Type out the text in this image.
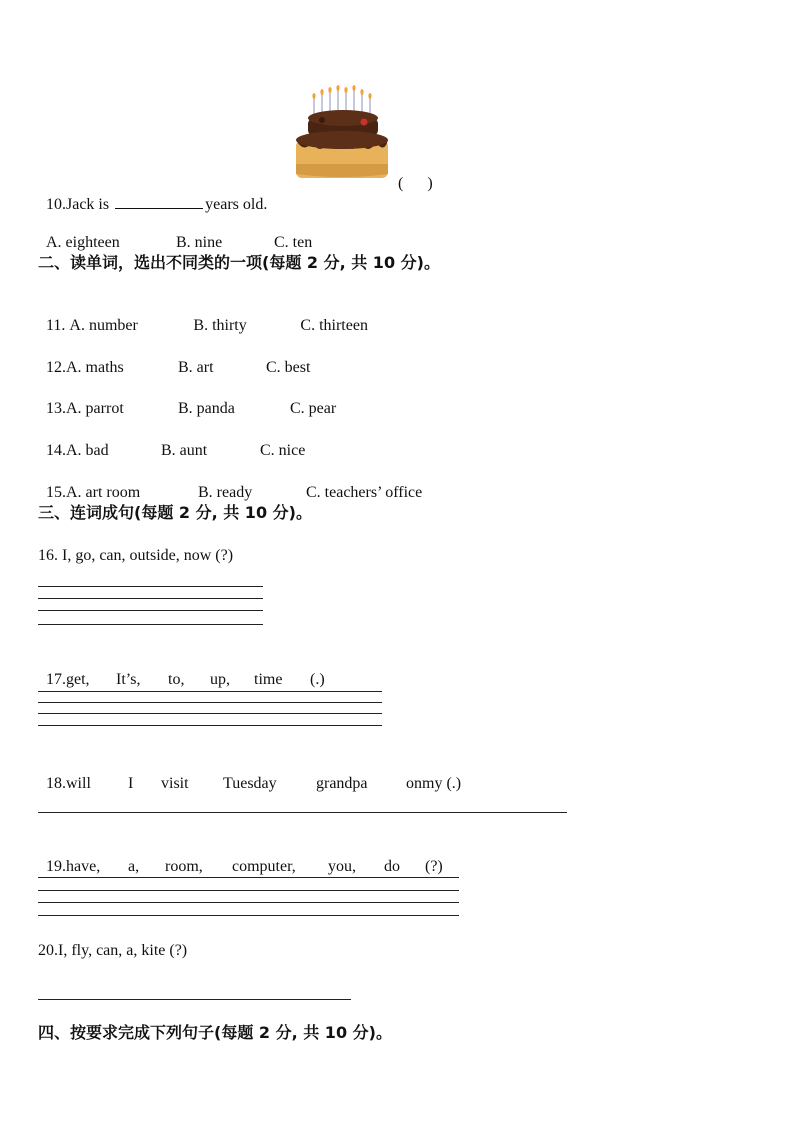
10.Jack is	years old.

(      )

A. eighteen	B. nine	C. ten

二、读单词，选出不同类的一项(每题 2 分, 共 10 分)。

11. A. number	B. thirty	C. thirteen

12.A. maths	B. art	C. best

13.A. parrot	B. panda	C. pear

14.A. bad	B. aunt	C. nice

15.A. art room	B. ready	C. teachers’ office

三、连词成句(每题 2 分, 共 10 分)。
16. I, go, can, outside, now (?)

17.get, It’s, to, up, time (.)

18.will I visit Tuesday grandpa onmy (.)

19.have, a, room, computer, you, do (?)

20.I, fly, can, a, kite (?)
四、按要求完成下列句子(每题 2 分, 共 10 分)。
